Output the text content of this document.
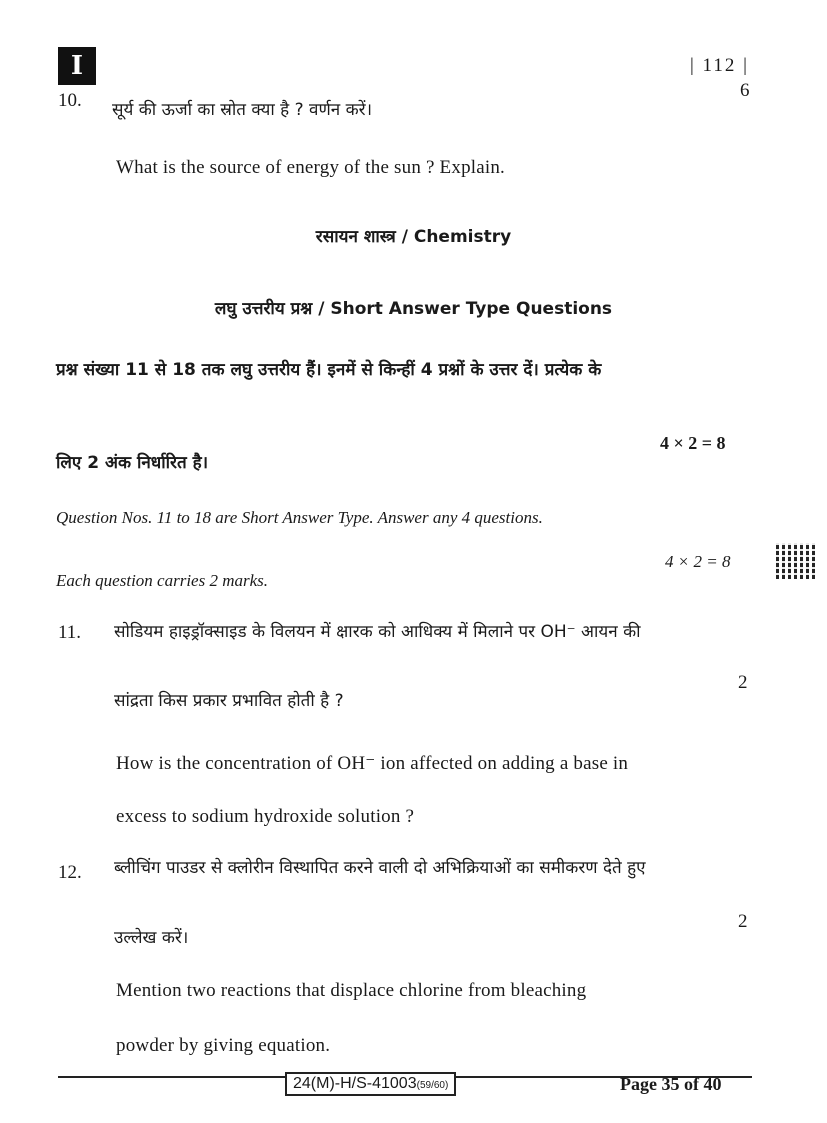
I	| 112 |
10. सूर्य की ऊर्जा का स्रोत क्या है ? वर्णन करें।
6
What is the source of energy of the sun ? Explain.
रसायन शास्त्र / Chemistry
लघु उत्तरीय प्रश्न / Short Answer Type Questions
प्रश्न संख्या 11 से 18 तक लघु उत्तरीय हैं। इनमें से किन्हीं 4 प्रश्नों के उत्तर दें। प्रत्येक के
लिए 2 अंक निर्धारित है।
4 × 2 = 8
Question Nos. 11 to 18 are Short Answer Type. Answer any 4 questions.
Each question carries 2 marks.
4 × 2 = 8
11. सोडियम हाइड्रॉक्साइड के विलयन में क्षारक को आधिक्य में मिलाने पर OH⁻ आयन की
सांद्रता किस प्रकार प्रभावित होती है ?
2
How is the concentration of OH⁻ ion affected on adding a base in
excess to sodium hydroxide solution ?
12. ब्लीचिंग पाउडर से क्लोरीन विस्थापित करने वाली दो अभिक्रियाओं का समीकरण देते हुए
उल्लेख करें।
2
Mention two reactions that displace chlorine from bleaching
powder by giving equation.
24(M)-H/S-41003(59/60)	Page 35 of 40
